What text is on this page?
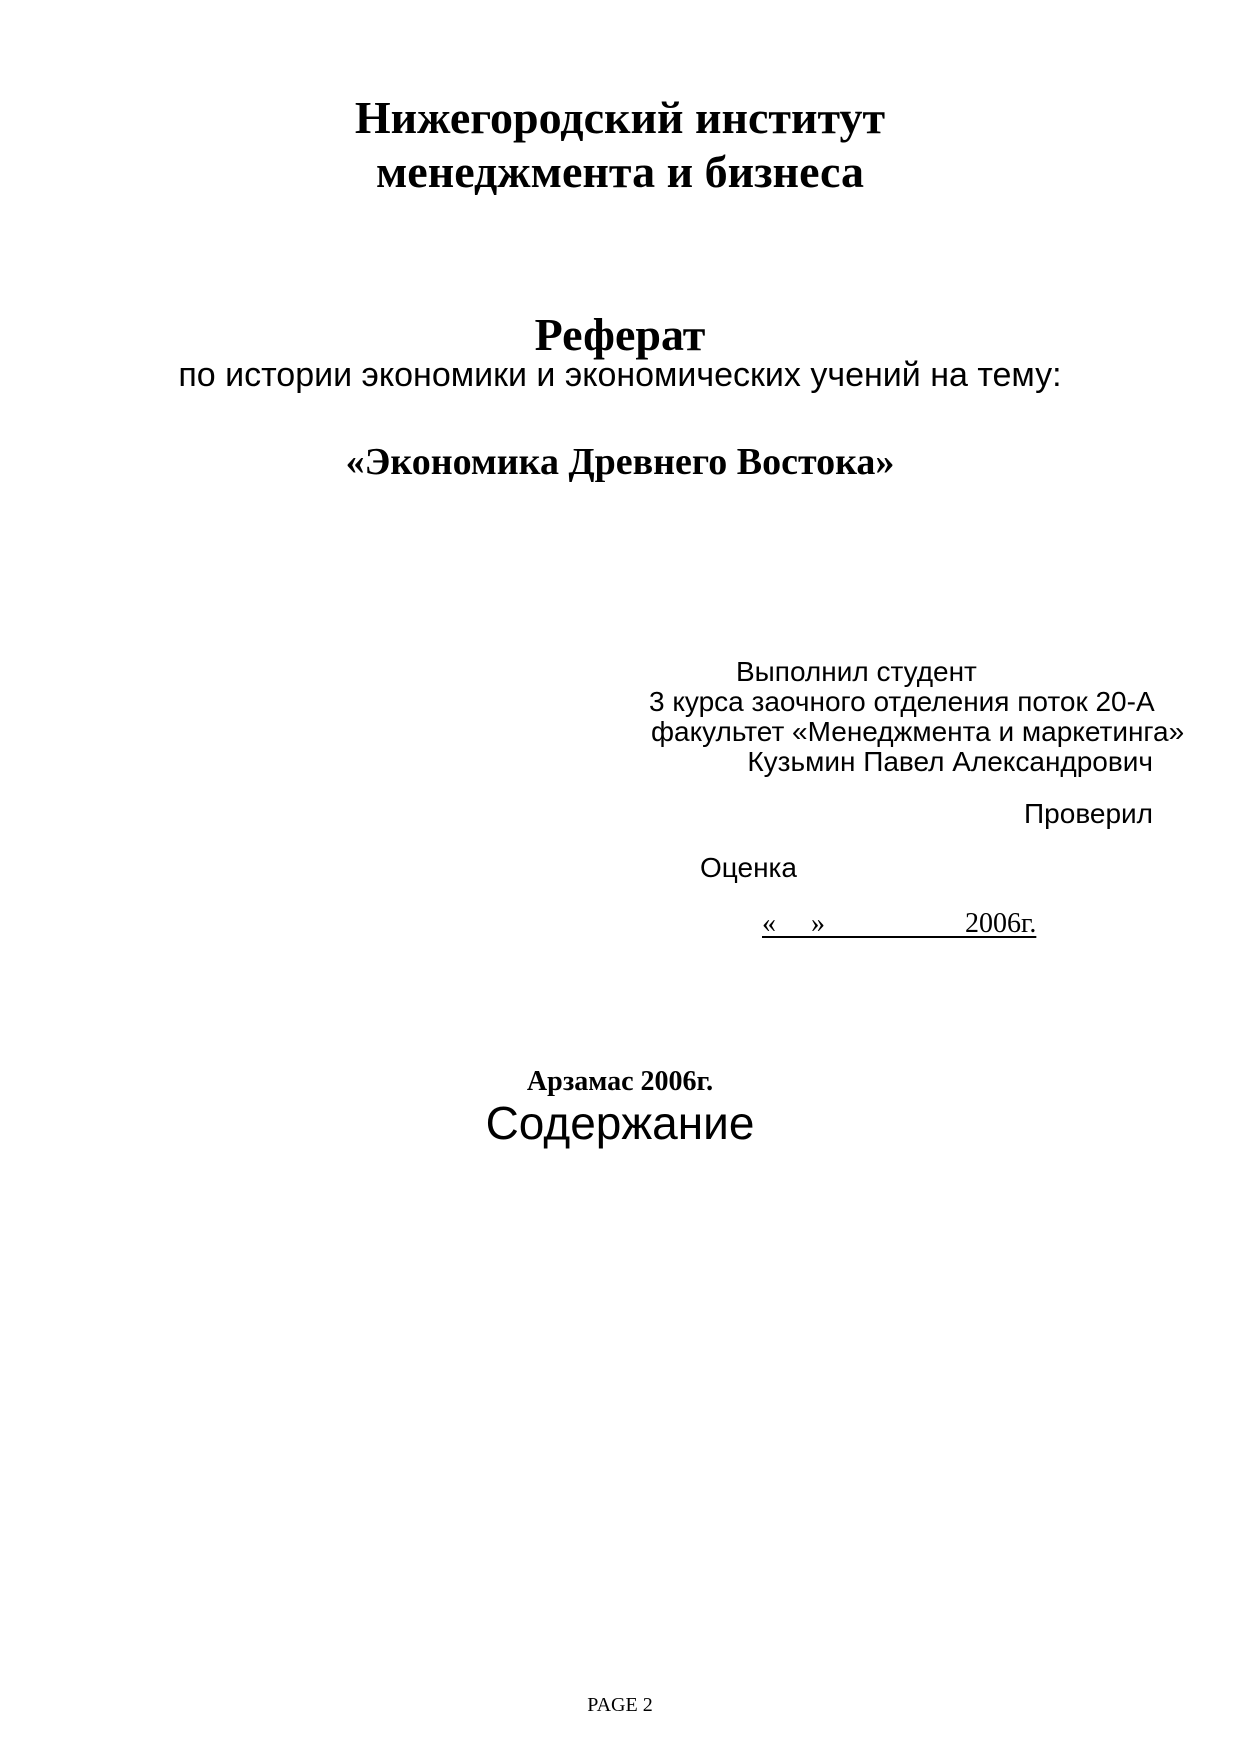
Нижегородский институт
менеджмента и бизнеса
Реферат
по истории экономики и экономических учений на тему:
«Экономика Древнего Востока»
Выполнил студент
3 курса заочного отделения поток 20-А
факультет «Менеджмента и маркетинга»
Кузьмин Павел Александрович
Проверил
Оценка
«     »                    2006г.
Арзамас 2006г.
Содержание
PAGE 2
